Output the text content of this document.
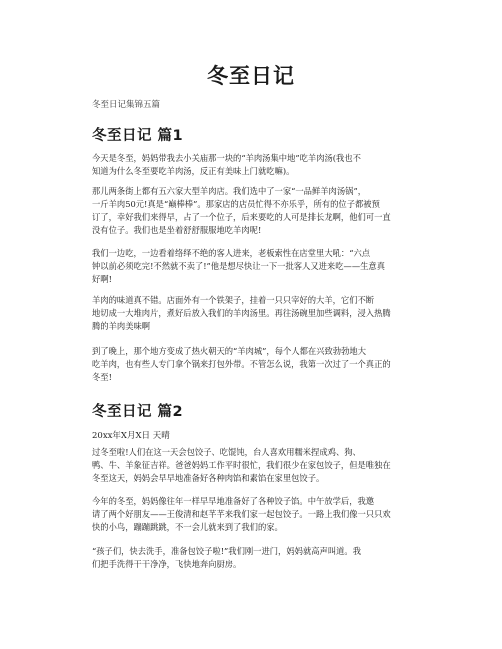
冬至日记
冬至日记集锦五篇
冬至日记 篇1
今天是冬至，妈妈带我去小关庙那一块的“羊肉汤集中地”吃羊肉汤(我也不
知道为什么冬至要吃羊肉汤，反正有美味上门就吃嘛)。
那儿两条街上都有五六家大型羊肉店。我们选中了一家“一品鲜羊肉汤锅”，
一斤羊肉50元!真是“巅棒棒”。那家店的店员忙得不亦乐乎，所有的位子都被预
订了，幸好我们来得早，占了一个位子，后来要吃的人可是排长龙啊，他们可一直
没有位子。我们也是坐着舒舒服服地吃羊肉呢!
我们一边吃，一边看着络绎不绝的客人进来，老板索性在店堂里大吼：“六点
钟以前必须吃完!不然就不卖了!”他是想尽快让一下一批客人又进来吃——生意真
好啊!
羊肉的味道真不错。店面外有一个铁架子，挂着一只只宰好的大羊，它们不断
地切成一大堆肉片，煮好后放入我们的羊肉汤里。再往汤碗里加些调料，浸入热腾
腾的羊肉美味啊
到了晚上，那个地方变成了热火朝天的“羊肉城”，每个人都在兴致勃勃地大
吃羊肉，也有些人专门拿个锅来打包外带。不管怎么说，我第一次过了一个真正的
冬至!
冬至日记 篇2
20xx年X月X日 天晴
过冬至啦!人们在这一天会包饺子、吃馄饨，台人喜欢用糯米捏成鸡、狗、
鸭、牛、羊象征吉祥。爸爸妈妈工作平时很忙，我们很少在家包饺子，但是唯独在
冬至这天，妈妈会早早地准备好各种肉馅和素馅在家里包饺子。
今年的冬至，妈妈像往年一样早早地准备好了各种饺子馅。中午放学后，我邀
请了两个好朋友——王俊清和赵芊芊来我们家一起包饺子。一路上我们像一只只欢
快的小鸟，蹦蹦跳跳，不一会儿就来到了我们的家。
“孩子们，快去洗手，准备包饺子啦!”我们刚一进门，妈妈就高声叫道。我
们把手洗得干干净净，飞快地奔向厨房。
